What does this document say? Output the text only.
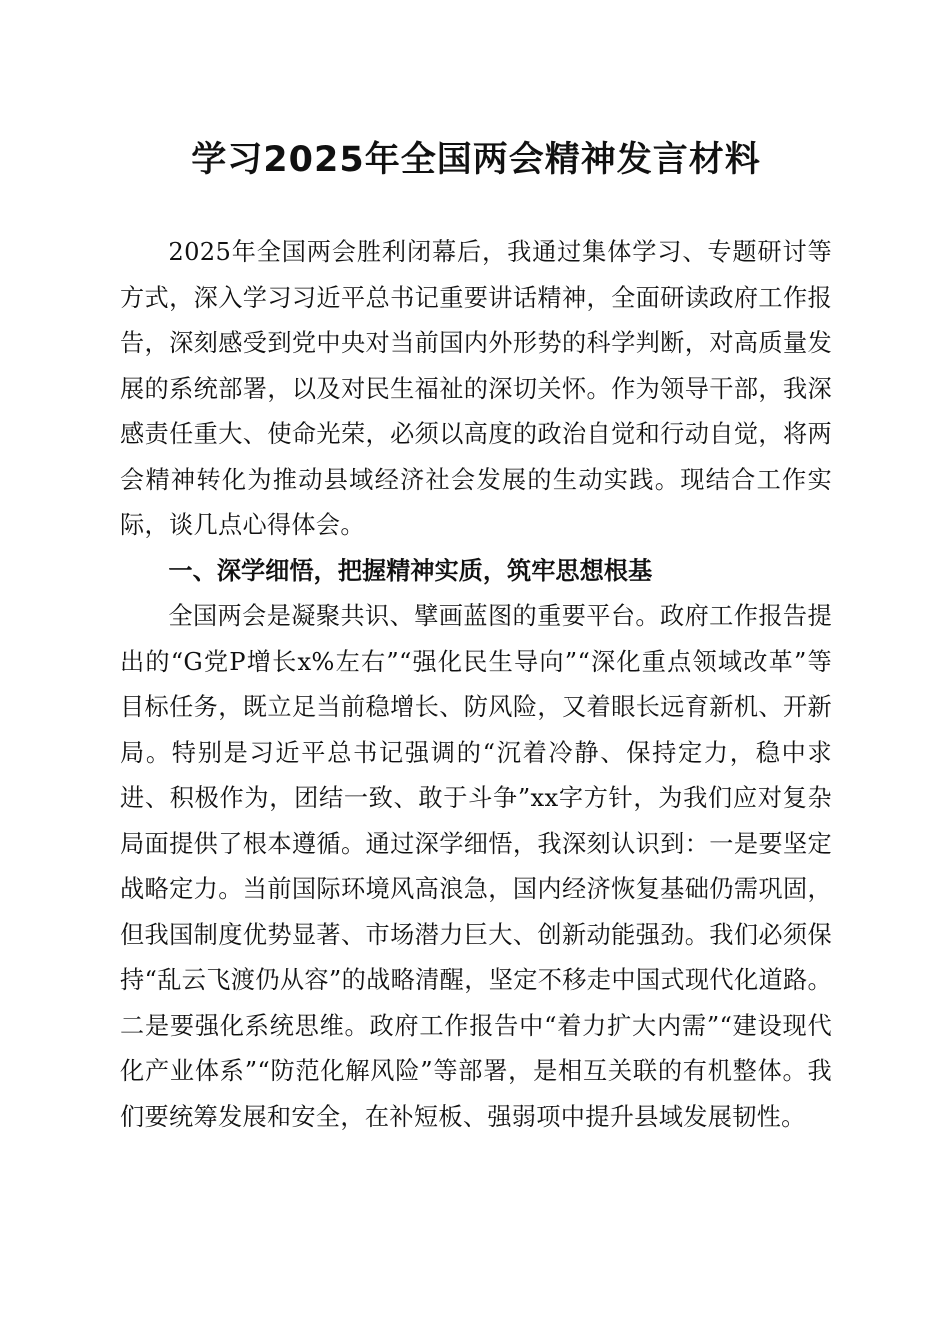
学习2025年全国两会精神发言材料

2025年全国两会胜利闭幕后，我通过集体学习、专题研讨等方式，深入学习习近平总书记重要讲话精神，全面研读政府工作报告，深刻感受到党中央对当前国内外形势的科学判断，对高质量发展的系统部署，以及对民生福祉的深切关怀。作为领导干部，我深感责任重大、使命光荣，必须以高度的政治自觉和行动自觉，将两会精神转化为推动县域经济社会发展的生动实践。现结合工作实际，谈几点心得体会。

一、深学细悟，把握精神实质，筑牢思想根基

全国两会是凝聚共识、擘画蓝图的重要平台。政府工作报告提出的“G党P增长x%左右”“强化民生导向”“深化重点领域改革”等目标任务，既立足当前稳增长、防风险，又着眼长远育新机、开新局。特别是习近平总书记强调的“沉着冷静、保持定力，稳中求进、积极作为，团结一致、敢于斗争”xx字方针，为我们应对复杂局面提供了根本遵循。通过深学细悟，我深刻认识到：一是要坚定战略定力。当前国际环境风高浪急，国内经济恢复基础仍需巩固，但我国制度优势显著、市场潜力巨大、创新动能强劲。我们必须保持“乱云飞渡仍从容”的战略清醒，坚定不移走中国式现代化道路。二是要强化系统思维。政府工作报告中“着力扩大内需”“建设现代化产业体系”“防范化解风险”等部署，是相互关联的有机整体。我们要统筹发展和安全，在补短板、强弱项中提升县域发展韧性。
